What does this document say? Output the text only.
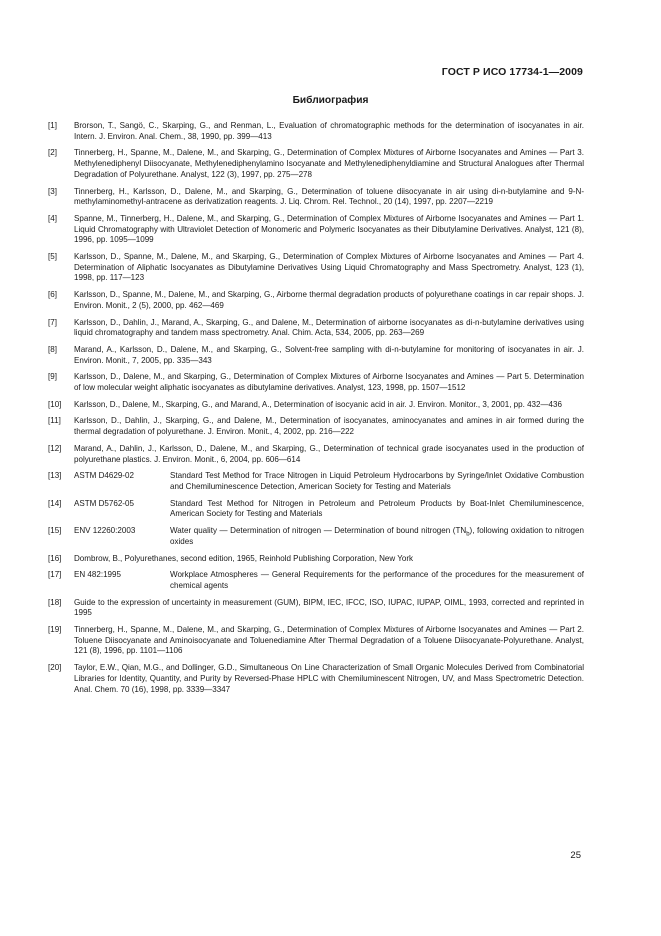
ГОСТ Р ИСО 17734-1—2009
Библиография
[1]	Brorson, T., Sangö, C., Skarping, G., and Renman, L., Evaluation of chromatographic methods for the determination of isocyanates in air. Intern. J. Environ. Anal. Chem., 38, 1990, pp. 399—413
[2]	Tinnerberg, H., Spanne, M., Dalene, M., and Skarping, G., Determination of Complex Mixtures of Airborne Isocyanates and Amines — Part 3. Methylenediphenyl Diisocyanate, Methylenediphenylamino Isocyanate and Methylenediphenyldiamine and Structural Analogues after Thermal Degradation of Polyurethane. Analyst, 122 (3), 1997, pp. 275—278
[3]	Tinnerberg, H., Karlsson, D., Dalene, M., and Skarping, G., Determination of toluene diisocyanate in air using di-n-butylamine and 9-N-methylaminomethyl-antracene as derivatization reagents. J. Liq. Chrom. Rel. Technol., 20 (14), 1997, pp. 2207—2219
[4]	Spanne, M., Tinnerberg, H., Dalene, M., and Skarping, G., Determination of Complex Mixtures of Airborne Isocyanates and Amines — Part 1. Liquid Chromatography with Ultraviolet Detection of Monomeric and Polymeric Isocyanates as their Dibutylamine Derivatives. Analyst, 121 (8), 1996, pp. 1095—1099
[5]	Karlsson, D., Spanne, M., Dalene, M., and Skarping, G., Determination of Complex Mixtures of Airborne Isocyanates and Amines — Part 4. Determination of Aliphatic Isocyanates as Dibutylamine Derivatives Using Liquid Chromatography and Mass Spectrometry. Analyst, 123 (1), 1998, pp. 117—123
[6]	Karlsson, D., Spanne, M., Dalene, M., and Skarping, G., Airborne thermal degradation products of polyurethane coatings in car repair shops. J. Environ. Monit., 2 (5), 2000, pp. 462—469
[7]	Karlsson, D., Dahlin, J., Marand, A., Skarping, G., and Dalene, M., Determination of airborne isocyanates as di-n-butylamine derivatives using liquid chromatography and tandem mass spectrometry. Anal. Chim. Acta, 534, 2005, pp. 263—269
[8]	Marand, A., Karlsson, D., Dalene, M., and Skarping, G., Solvent-free sampling with di-n-butylamine for monitoring of isocyanates in air. J. Environ. Monit., 7, 2005, pp. 335—343
[9]	Karlsson, D., Dalene, M., and Skarping, G., Determination of Complex Mixtures of Airborne Isocyanates and Amines — Part 5. Determination of low molecular weight aliphatic isocyanates as dibutylamine derivatives. Analyst, 123, 1998, pp. 1507—1512
[10]	Karlsson, D., Dalene, M., Skarping, G., and Marand, A., Determination of isocyanic acid in air. J. Environ. Monitor., 3, 2001, pp. 432—436
[11]	Karlsson, D., Dahlin, J., Skarping, G., and Dalene, M., Determination of isocyanates, aminocyanates and amines in air formed during the thermal degradation of polyurethane. J. Environ. Monit., 4, 2002, pp. 216—222
[12]	Marand, A., Dahlin, J., Karlsson, D., Dalene, M., and Skarping, G., Determination of technical grade isocyanates used in the production of polyurethane plastics. J. Environ. Monit., 6, 2004, pp. 606—614
[13]	ASTM D4629-02	Standard Test Method for Trace Nitrogen in Liquid Petroleum Hydrocarbons by Syringe/Inlet Oxidative Combustion and Chemiluminescence Detection, American Society for Testing and Materials
[14]	ASTM D5762-05	Standard Test Method for Nitrogen in Petroleum and Petroleum Products by Boat-Inlet Chemiluminescence, American Society for Testing and Materials
[15]	ENV 12260:2003	Water quality — Determination of nitrogen — Determination of bound nitrogen $(TN_b)$, following oxidation to nitrogen oxides
[16]	Dombrow, B., Polyurethanes, second edition, 1965, Reinhold Publishing Corporation, New York
[17]	EN 482:1995	Workplace Atmospheres — General Requirements for the performance of the procedures for the measurement of chemical agents
[18]	Guide to the expression of uncertainty in measurement (GUM), BIPM, IEC, IFCC, ISO, IUPAC, IUPAP, OIML, 1993, corrected and reprinted in 1995
[19]	Tinnerberg, H., Spanne, M., Dalene, M., and Skarping, G., Determination of Complex Mixtures of Airborne Isocyanates and Amines — Part 2. Toluene Diisocyanate and Aminoisocyanate and Toluenediamine After Thermal Degradation of a Toluene Diisocyanate-Polyurethane. Analyst, 121 (8), 1996, pp. 1101—1106
[20]	Taylor, E.W., Qian, M.G., and Dollinger, G.D., Simultaneous On Line Characterization of Small Organic Molecules Derived from Combinatorial Libraries for Identity, Quantity, and Purity by Reversed-Phase HPLC with Chemiluminescent Nitrogen, UV, and Mass Spectrometric Detection. Anal. Chem. 70 (16), 1998, pp. 3339—3347
25
